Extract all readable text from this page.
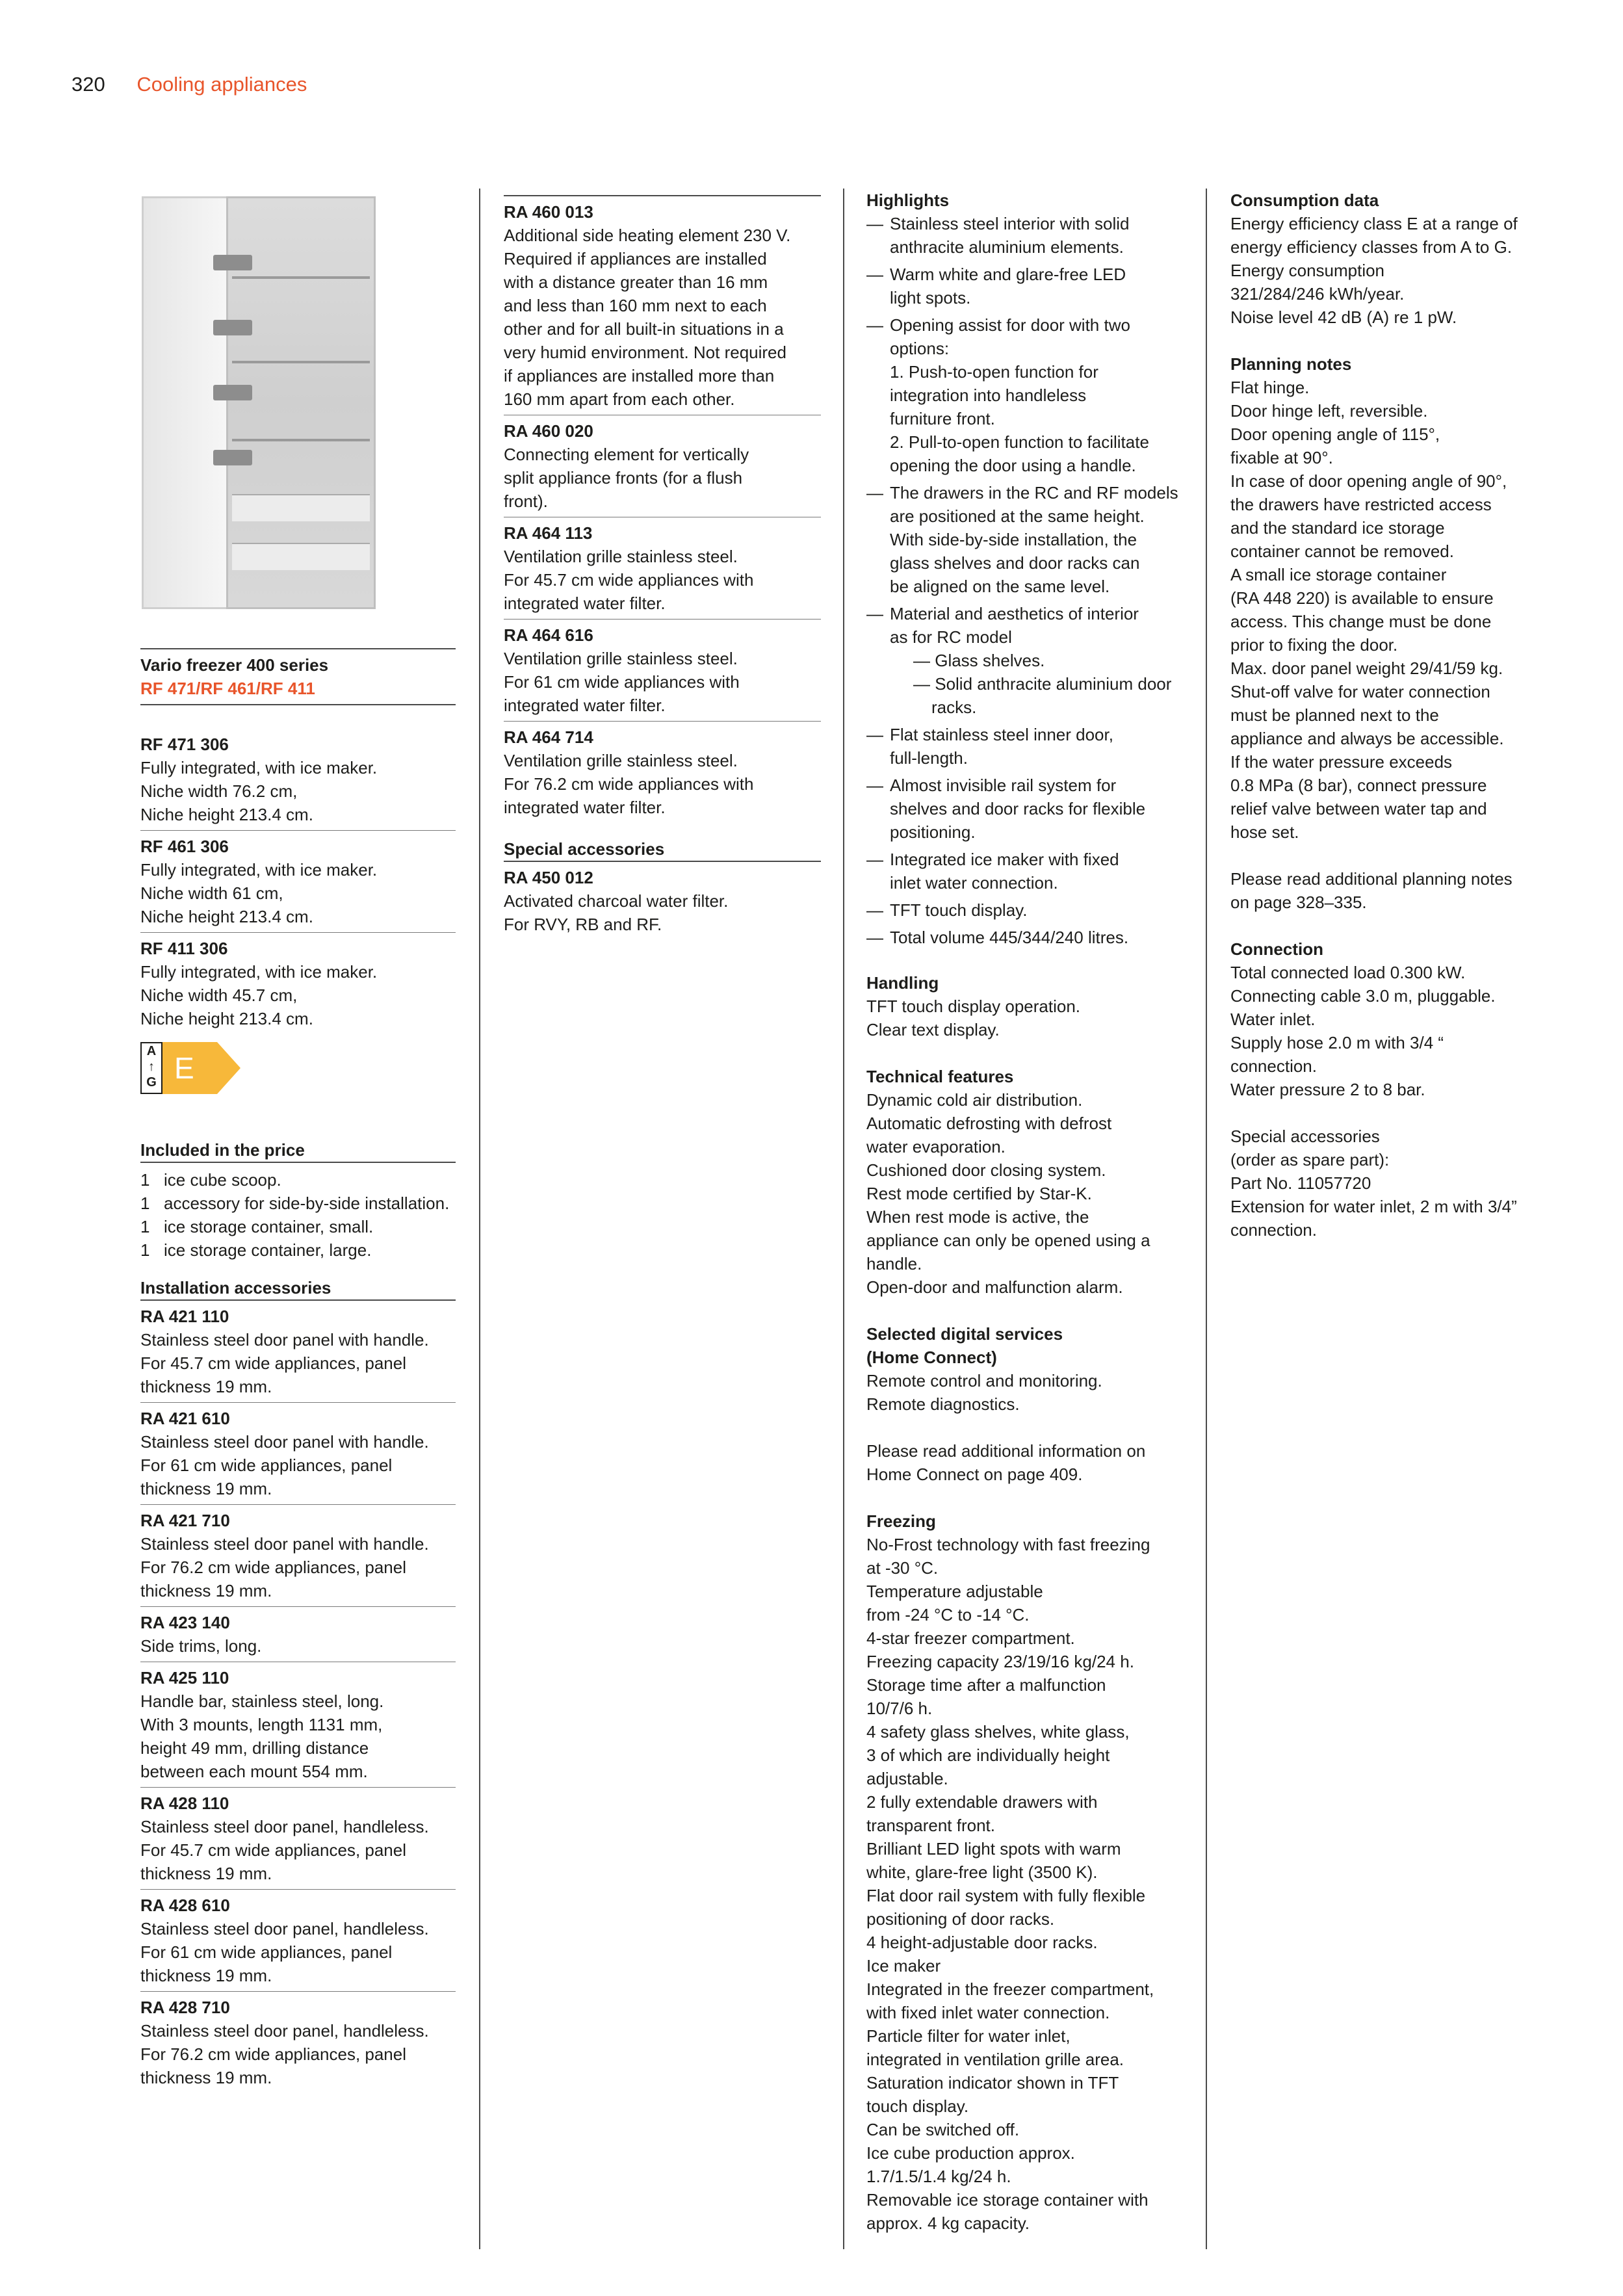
320 Cooling appliances
Vario freezer 400 series
RF 471/RF 461/RF 411
RF 471 306
Fully integrated, with ice maker.
Niche width 76.2 cm,
Niche height 213.4 cm.
RF 461 306
Fully integrated, with ice maker.
Niche width 61 cm,
Niche height 213.4 cm.
RF 411 306
Fully integrated, with ice maker.
Niche width 45.7 cm,
Niche height 213.4 cm.
A
↑
G E
Included in the price
1 ice cube scoop.
1 accessory for side-by-side installation.
1 ice storage container, small.
1 ice storage container, large.
Installation accessories
RA 421 110
Stainless steel door panel with handle.
For 45.7 cm wide appliances, panel
thickness 19 mm.
RA 421 610
Stainless steel door panel with handle.
For 61 cm wide appliances, panel
thickness 19 mm.
RA 421 710
Stainless steel door panel with handle.
For 76.2 cm wide appliances, panel
thickness 19 mm.
RA 423 140
Side trims, long.
RA 425 110
Handle bar, stainless steel, long.
With 3 mounts, length 1131 mm,
height 49 mm, drilling distance
between each mount 554 mm.
RA 428 110
Stainless steel door panel, handleless.
For 45.7 cm wide appliances, panel
thickness 19 mm.
RA 428 610
Stainless steel door panel, handleless.
For 61 cm wide appliances, panel
thickness 19 mm.
RA 428 710
Stainless steel door panel, handleless.
For 76.2 cm wide appliances, panel
thickness 19 mm.
RA 460 013
Additional side heating element 230 V.
Required if appliances are installed
with a distance greater than 16 mm
and less than 160 mm next to each
other and for all built-in situations in a
very humid environment. Not required
if appliances are installed more than
160 mm apart from each other.
RA 460 020
Connecting element for vertically
split appliance fronts (for a flush
front).
RA 464 113
Ventilation grille stainless steel.
For 45.7 cm wide appliances with
integrated water filter.
RA 464 616
Ventilation grille stainless steel.
For 61 cm wide appliances with
integrated water filter.
RA 464 714
Ventilation grille stainless steel.
For 76.2 cm wide appliances with
integrated water filter.
Special accessories
RA 450 012
Activated charcoal water filter.
For RVY, RB and RF.
Highlights
— Stainless steel interior with solid
anthracite aluminium elements.
— Warm white and glare-free LED
light spots.
— Opening assist for door with two
options:
1. Push-to-open function for
integration into handleless
furniture front.
2. Pull-to-open function to facilitate
opening the door using a handle.
— The drawers in the RC and RF models
are positioned at the same height.
With side-by-side installation, the
glass shelves and door racks can
be aligned on the same level.
— Material and aesthetics of interior
as for RC model
— Glass shelves.
— Solid anthracite aluminium door racks.
— Flat stainless steel inner door,
full-length.
— Almost invisible rail system for
shelves and door racks for flexible
positioning.
— Integrated ice maker with fixed
inlet water connection.
— TFT touch display.
— Total volume 445/344/240 litres.
Handling
TFT touch display operation.
Clear text display.
Technical features
Dynamic cold air distribution.
Automatic defrosting with defrost
water evaporation.
Cushioned door closing system.
Rest mode certified by Star-K.
When rest mode is active, the
appliance can only be opened using a
handle.
Open-door and malfunction alarm.
Selected digital services
(Home Connect)
Remote control and monitoring.
Remote diagnostics.
Please read additional information on
Home Connect on page 409.
Freezing
No-Frost technology with fast freezing
at -30 °C.
Temperature adjustable
from -24 °C to -14 °C.
4-star freezer compartment.
Freezing capacity 23/19/16 kg/24 h.
Storage time after a malfunction
10/7/6 h.
4 safety glass shelves, white glass,
3 of which are individually height
adjustable.
2 fully extendable drawers with
transparent front.
Brilliant LED light spots with warm
white, glare-free light (3500 K).
Flat door rail system with fully flexible
positioning of door racks.
4 height-adjustable door racks.
Ice maker
Integrated in the freezer compartment,
with fixed inlet water connection.
Particle filter for water inlet,
integrated in ventilation grille area.
Saturation indicator shown in TFT
touch display.
Can be switched off.
Ice cube production approx.
1.7/1.5/1.4 kg/24 h.
Removable ice storage container with
approx. 4 kg capacity.
Consumption data
Energy efficiency class E at a range of
energy efficiency classes from A to G.
Energy consumption
321/284/246 kWh/year.
Noise level 42 dB (A) re 1 pW.
Planning notes
Flat hinge.
Door hinge left, reversible.
Door opening angle of 115°,
fixable at 90°.
In case of door opening angle of 90°,
the drawers have restricted access
and the standard ice storage
container cannot be removed.
A small ice storage container
(RA 448 220) is available to ensure
access. This change must be done
prior to fixing the door.
Max. door panel weight 29/41/59 kg.
Shut-off valve for water connection
must be planned next to the
appliance and always be accessible.
If the water pressure exceeds
0.8 MPa (8 bar), connect pressure
relief valve between water tap and
hose set.
Please read additional planning notes
on page 328–335.
Connection
Total connected load 0.300 kW.
Connecting cable 3.0 m, pluggable.
Water inlet.
Supply hose 2.0 m with 3/4 “
connection.
Water pressure 2 to 8 bar.
Special accessories
(order as spare part):
Part No. 11057720
Extension for water inlet, 2 m with 3/4”
connection.
